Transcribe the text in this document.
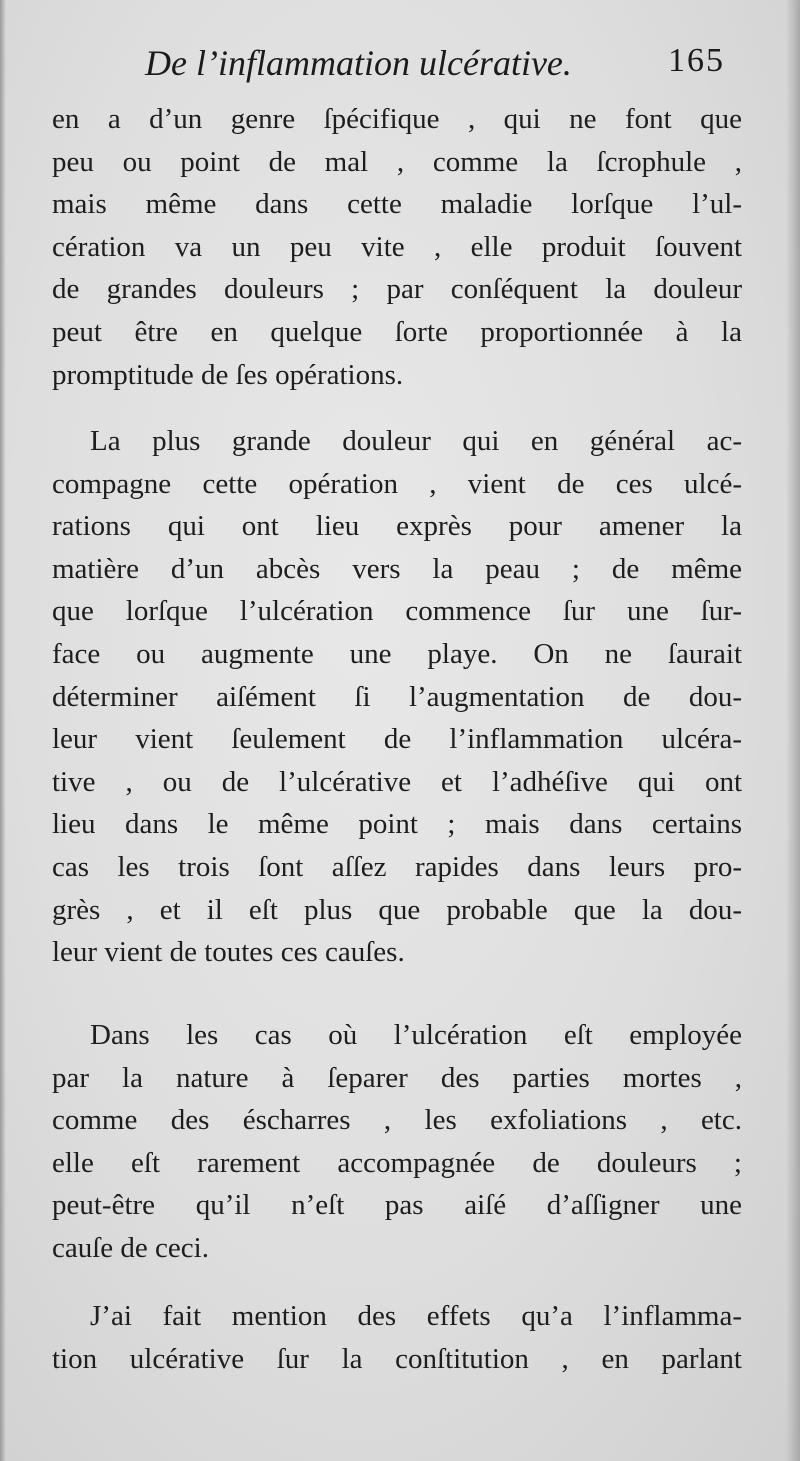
De l’inflammation ulcérative.	165
en a d’un genre ſpécifique , qui ne font que
peu ou point de mal , comme la ſcrophule ,
mais même dans cette maladie lorſque l’ul-
cération va un peu vite , elle produit ſouvent
de grandes douleurs ; par conſéquent la douleur
peut être en quelque ſorte proportionnée à la
promptitude de ſes opérations.
La plus grande douleur qui en général ac-
compagne cette opération , vient de ces ulcé-
rations qui ont lieu exprès pour amener la
matière d’un abcès vers la peau ; de même
que lorſque l’ulcération commence ſur une ſur-
face ou augmente une playe. On ne ſaurait
déterminer aiſément ſi l’augmentation de dou-
leur vient ſeulement de l’inflammation ulcéra-
tive , ou de l’ulcérative et l’adhéſive qui ont
lieu dans le même point ; mais dans certains
cas les trois ſont aſſez rapides dans leurs pro-
grès , et il eſt plus que probable que la dou-
leur vient de toutes ces cauſes.
Dans les cas où l’ulcération eſt employée
par la nature à ſeparer des parties mortes ,
comme des éscharres , les exfoliations , etc.
elle eſt rarement accompagnée de douleurs ;
peut-être qu’il n’eſt pas aiſé d’aſſigner une
cauſe de ceci.
J’ai fait mention des effets qu’a l’inflamma-
tion ulcérative ſur la conſtitution , en parlant
